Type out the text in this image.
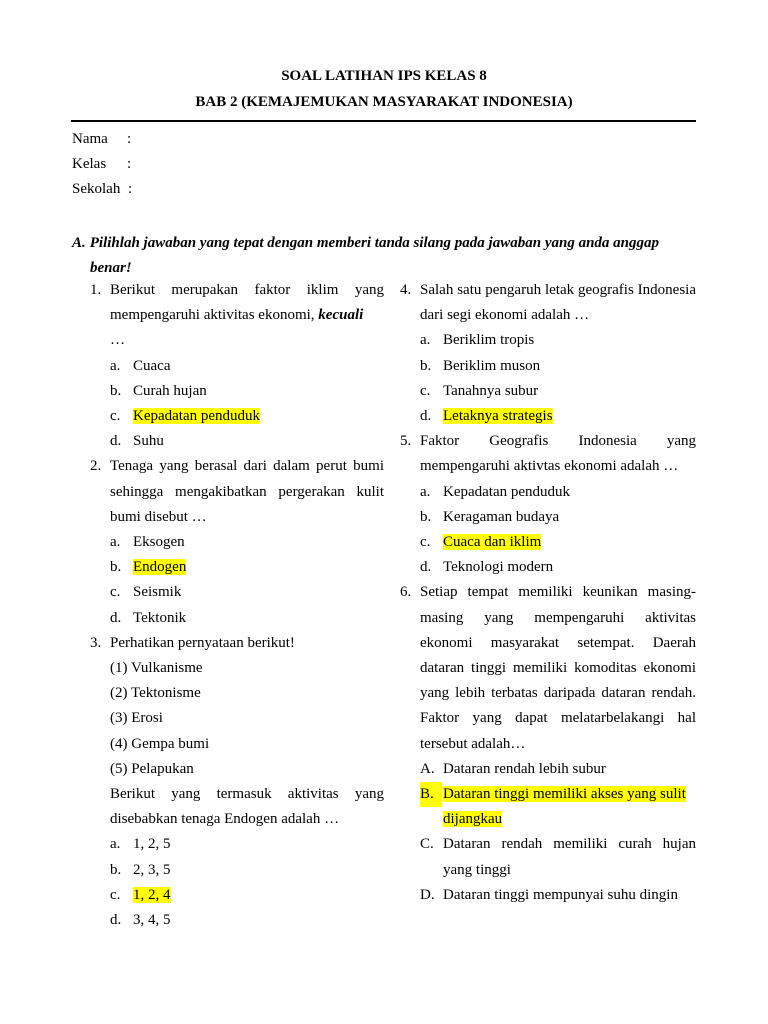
SOAL LATIHAN IPS KELAS 8
BAB 2 (KEMAJEMUKAN MASYARAKAT INDONESIA)
Nama :
Kelas :
Sekolah :
A. Pilihlah jawaban yang tepat dengan memberi tanda silang pada jawaban yang anda anggap
benar!
1. Berikut merupakan faktor iklim yang mempengaruhi aktivitas ekonomi, kecuali
…
a. Cuaca
b. Curah hujan
c. Kepadatan penduduk
d. Suhu
2. Tenaga yang berasal dari dalam perut bumi sehingga mengakibatkan pergerakan kulit bumi disebut …
a. Eksogen
b. Endogen
c. Seismik
d. Tektonik
3. Perhatikan pernyataan berikut!
(1) Vulkanisme
(2) Tektonisme
(3) Erosi
(4) Gempa bumi
(5) Pelapukan
Berikut yang termasuk aktivitas yang disebabkan tenaga Endogen adalah …
a. 1, 2, 5
b. 2, 3, 5
c. 1, 2, 4
d. 3, 4, 5
4. Salah satu pengaruh letak geografis Indonesia dari segi ekonomi adalah …
a. Beriklim tropis
b. Beriklim muson
c. Tanahnya subur
d. Letaknya strategis
5. Faktor Geografis Indonesia yang mempengaruhi aktivtas ekonomi adalah …
a. Kepadatan penduduk
b. Keragaman budaya
c. Cuaca dan iklim
d. Teknologi modern
6. Setiap tempat memiliki keunikan masing-masing yang mempengaruhi aktivitas ekonomi masyarakat setempat. Daerah dataran tinggi memiliki komoditas ekonomi yang lebih terbatas daripada dataran rendah. Faktor yang dapat melatarbelakangi hal tersebut adalah…
A. Dataran rendah lebih subur
B. Dataran tinggi memiliki akses yang sulit dijangkau
C. Dataran rendah memiliki curah hujan yang tinggi
D. Dataran tinggi mempunyai suhu dingin
